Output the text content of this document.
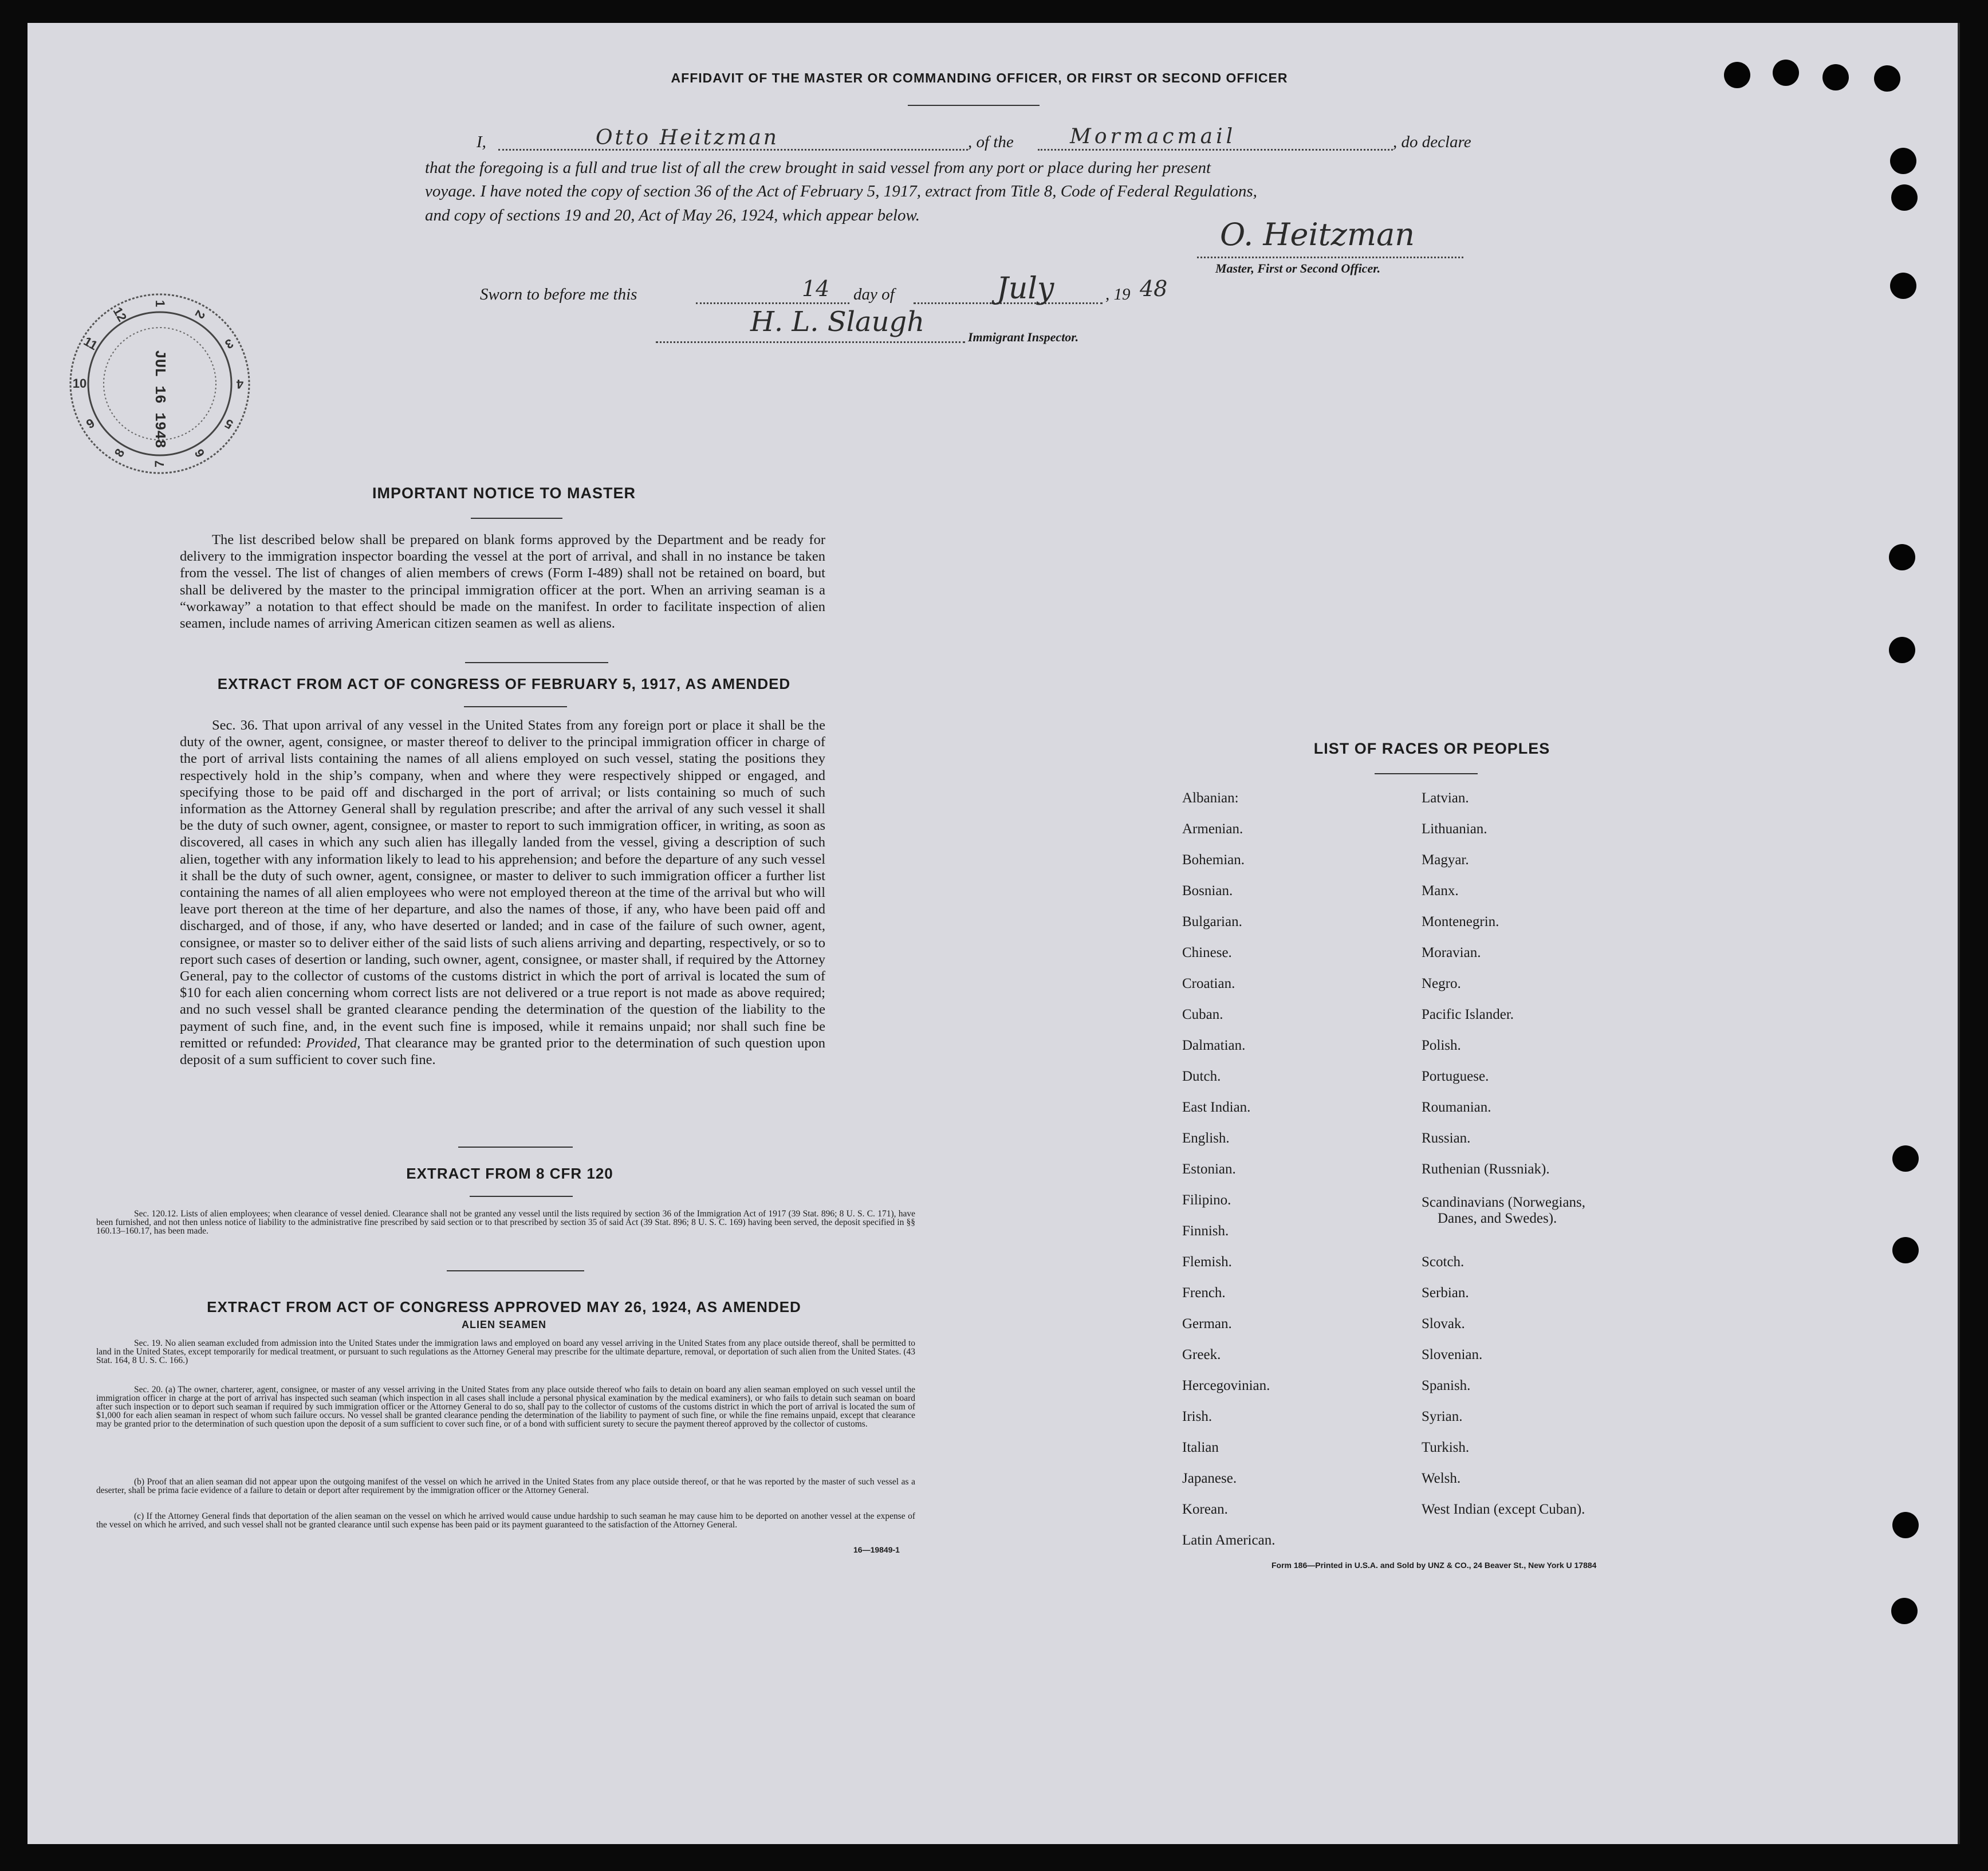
AFFIDAVIT OF THE MASTER OR COMMANDING OFFICER, OR FIRST OR SECOND OFFICER
I,	Otto Heitzman	, of the	Mormacmail	, do declare
that the foregoing is a full and true list of all the crew brought in said vessel from any port or place during her present
voyage. I have noted the copy of section 36 of the Act of February 5, 1917, extract from Title 8, Code of Federal Regulations,
and copy of sections 19 and 20, Act of May 26, 1924, which appear below.
O. Heitzman
Master, First or Second Officer.
Sworn to before me this	14 day of	July	, 19 48
H. L. Slaugh	Immigrant Inspector.
1
2
3
4
5
6
7
8
9
10
11
12
JUL 16 1948
IMPORTANT NOTICE TO MASTER
The list described below shall be prepared on blank forms approved by the Department and be ready for delivery to the immigration inspector boarding the vessel at the port of arrival, and shall in no instance be taken from the vessel. The list of changes of alien members of crews (Form I-489) shall not be retained on board, but shall be delivered by the master to the principal immigration officer at the port. When an arriving seaman is a “workaway” a notation to that effect should be made on the manifest. In order to facilitate inspection of alien seamen, include names of arriving American citizen seamen as well as aliens.
EXTRACT FROM ACT OF CONGRESS OF FEBRUARY 5, 1917, AS AMENDED
Sec. 36. That upon arrival of any vessel in the United States from any foreign port or place it shall be the duty of the owner, agent, consignee, or master thereof to deliver to the principal immigration officer in charge of the port of arrival lists containing the names of all aliens employed on such vessel, stating the positions they respectively hold in the ship’s company, when and where they were respectively shipped or engaged, and specifying those to be paid off and discharged in the port of arrival; or lists containing so much of such information as the Attorney General shall by regulation prescribe; and after the arrival of any such vessel it shall be the duty of such owner, agent, consignee, or master to report to such immigration officer, in writing, as soon as discovered, all cases in which any such alien has illegally landed from the vessel, giving a description of such alien, together with any information likely to lead to his apprehension; and before the departure of any such vessel it shall be the duty of such owner, agent, consignee, or master to deliver to such immigration officer a further list containing the names of all alien employees who were not employed thereon at the time of the arrival but who will leave port thereon at the time of her departure, and also the names of those, if any, who have been paid off and discharged, and of those, if any, who have deserted or landed; and in case of the failure of such owner, agent, consignee, or master so to deliver either of the said lists of such aliens arriving and departing, respectively, or so to report such cases of desertion or landing, such owner, agent, consignee, or master shall, if required by the Attorney General, pay to the collector of customs of the customs district in which the port of arrival is located the sum of $10 for each alien concerning whom correct lists are not delivered or a true report is not made as above required; and no such vessel shall be granted clearance pending the determination of the question of the liability to the payment of such fine, and, in the event such fine is imposed, while it remains unpaid; nor shall such fine be remitted or refunded: Provided, That clearance may be granted prior to the determination of such question upon deposit of a sum sufficient to cover such fine.
EXTRACT FROM 8 CFR 120
Sec. 120.12. Lists of alien employees; when clearance of vessel denied. Clearance shall not be granted any vessel until the lists required by section 36 of the Immigration Act of 1917 (39 Stat. 896; 8 U. S. C. 171), have been furnished, and not then unless notice of liability to the administrative fine prescribed by said section or to that prescribed by section 35 of said Act (39 Stat. 896; 8 U. S. C. 169) having been served, the deposit specified in §§ 160.13–160.17, has been made.
EXTRACT FROM ACT OF CONGRESS APPROVED MAY 26, 1924, AS AMENDED
ALIEN SEAMEN
Sec. 19. No alien seaman excluded from admission into the United States under the immigration laws and employed on board any vessel arriving in the United States from any place outside thereof, shall be permitted to land in the United States, except temporarily for medical treatment, or pursuant to such regulations as the Attorney General may prescribe for the ultimate departure, removal, or deportation of such alien from the United States. (43 Stat. 164, 8 U. S. C. 166.)
Sec. 20. (a) The owner, charterer, agent, consignee, or master of any vessel arriving in the United States from any place outside thereof who fails to detain on board any alien seaman employed on such vessel until the immigration officer in charge at the port of arrival has inspected such seaman (which inspection in all cases shall include a personal physical examination by the medical examiners), or who fails to detain such seaman on board after such inspection or to deport such seaman if required by such immigration officer or the Attorney General to do so, shall pay to the collector of customs of the customs district in which the port of arrival is located the sum of $1,000 for each alien seaman in respect of whom such failure occurs. No vessel shall be granted clearance pending the determination of the liability to payment of such fine, or while the fine remains unpaid, except that clearance may be granted prior to the determination of such question upon the deposit of a sum sufficient to cover such fine, or of a bond with sufficient surety to secure the payment thereof approved by the collector of customs.
(b) Proof that an alien seaman did not appear upon the outgoing manifest of the vessel on which he arrived in the United States from any place outside thereof, or that he was reported by the master of such vessel as a deserter, shall be prima facie evidence of a failure to detain or deport after requirement by the immigration officer or the Attorney General.
(c) If the Attorney General finds that deportation of the alien seaman on the vessel on which he arrived would cause undue hardship to such seaman he may cause him to be deported on another vessel at the expense of the vessel on which he arrived, and such vessel shall not be granted clearance until such expense has been paid or its payment guaranteed to the satisfaction of the Attorney General.
16—19849-1
LIST OF RACES OR PEOPLES
Albanian:
Armenian.
Bohemian.
Bosnian.
Bulgarian.
Chinese.
Croatian.
Cuban.
Dalmatian.
Dutch.
East Indian.
English.
Estonian.
Filipino.
Finnish.
Flemish.
French.
German.
Greek.
Hercegovinian.
Irish.
Italian
Japanese.
Korean.
Latin American.
Latvian.
Lithuanian.
Magyar.
Manx.
Montenegrin.
Moravian.
Negro.
Pacific Islander.
Polish.
Portuguese.
Roumanian.
Russian.
Ruthenian (Russniak).
Scandinavians (Norwegians,
Danes, and Swedes).
Scotch.
Serbian.
Slovak.
Slovenian.
Spanish.
Syrian.
Turkish.
Welsh.
West Indian (except Cuban).
Form 186—Printed in U.S.A. and Sold by UNZ & CO., 24 Beaver St., New York U 17884
